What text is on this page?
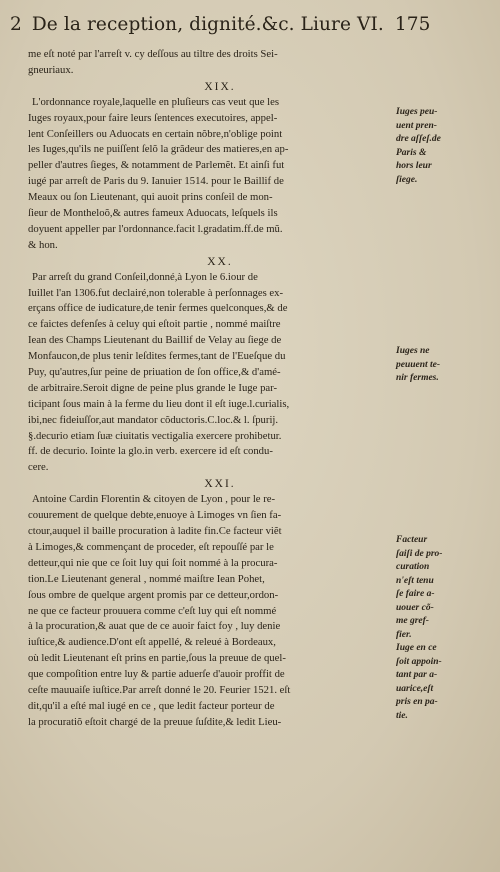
2 De la reception, dignité.&c. Liure VI. 175
me eſt noté par l'arreſt v. cy deſſous au tiltre des droits Sei-
gneuriaux.
XIX.
L'ordonnance royale,laquelle en pluſieurs cas veut que les
Iuges royaux,pour faire leurs ſentences executoires, appel-
lent Conſeillers ou Aduocats en certain nõbre,n'oblige point
les Iuges,qu'ils ne puiſſent ſelõ la grãdeur des matieres,en ap-
peller d'autres ſieges, & notamment de Parlemẽt. Et ainſi fut
iugé par arreſt de Paris du 9. Ianuier 1514. pour le Baillif de
Meaux ou ſon Lieutenant, qui auoit prins conſeil de mon-
ſieur de Montheloõ,& autres fameux Aduocats, leſquels ils
doyuent appeller par l'ordonnance.facit l.gradatim.ff.de mũ.
& hon.
XX.
Par arreſt du grand Conſeil,donné,à Lyon le 6.iour de
Iuillet l'an 1306.fut declairé,non tolerable à perſonnages ex-
erçans office de iudicature,de tenir fermes quelconques,& de
ce faictes defenſes à celuy qui eſtoit partie , nommé maiſtre
Iean des Champs Lieutenant du Baillif de Velay au ſiege de
Monfaucon,de plus tenir leſdites fermes,tant de l'Eueſque du
Puy, qu'autres,ſur peine de priuation de ſon office,& d'amé-
de arbitraire.Seroit digne de peine plus grande le Iuge par-
ticipant ſous main à la ferme du lieu dont il eſt iuge.l.curialis,
ibi,nec fideiuſſor,aut mandator cõductoris.C.loc.& l. ſpurij.
§.decurio etiam ſuæ ciuitatis vectigalia exercere prohibetur.
ff. de decurio. Iointe la glo.in verb. exercere id eſt condu-
cere.
XXI.
Antoine Cardin Florentin & citoyen de Lyon , pour le re-
couurement de quelque debte,enuoye à Limoges vn ſien fa-
ctour,auquel il baille procuration à ladite fin.Ce facteur viẽt
à Limoges,& commençant de proceder, eſt repouſſé par le
detteur,qui nie que ce ſoit luy qui ſoit nommé à la procura-
tion.Le Lieutenant general , nommé maiſtre Iean Pohet,
ſous ombre de quelque argent promis par ce detteur,ordon-
ne que ce facteur prouuera comme c'eſt luy qui eſt nommé
à la procuration,& auat que de ce auoir faict foy , luy denie
iuſtice,& audience.D'ont eſt appellé, & releué à Bordeaux,
où ledit Lieutenant eſt prins en partie,ſous la preuue de quel-
que compoſition entre luy & partie aduerſe d'auoir proffit de
ceſte mauuaiſe iuſtice.Par arreſt donné le 20. Feurier 1521. eſt
dit,qu'il a eſté mal iugé en ce , que ledit facteur porteur de
la procuratiõ eſtoit chargé de la preuue ſuſdite,& ledit Lieu-
Iuges peu-
uent pren-
dre aſſeſ.de
Paris &
hors leur
ſiege.
Iuges ne
peuuent te-
nir fermes.
Facteur
ſaiſi de pro-
curation
n'eſt tenu
ſe faire a-
uouer cõ-
me gref-
fier.
Iuge en ce
ſoit appoin-
tant par a-
uarice,eſt
pris en pa-
tie.
